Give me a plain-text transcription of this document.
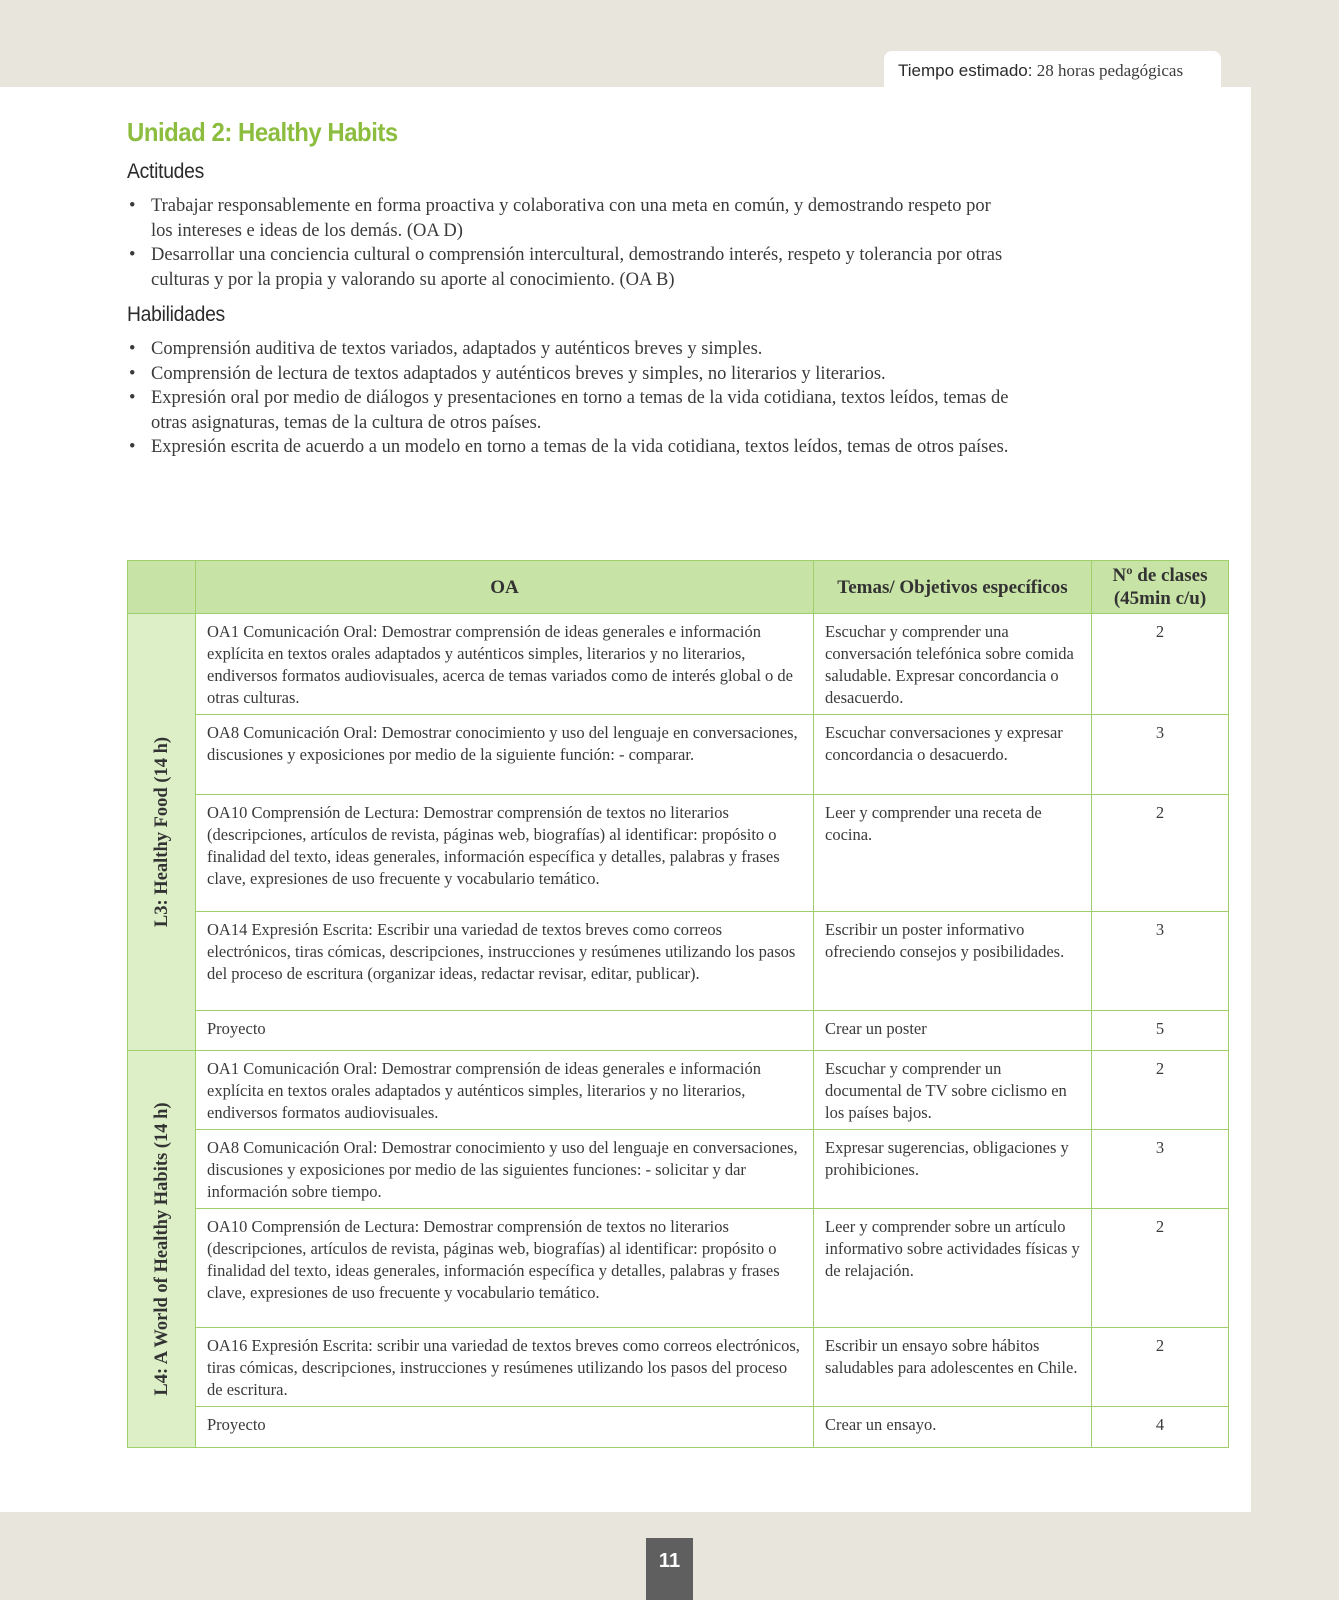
Tiempo estimado: 28 horas pedagógicas
Unidad 2: Healthy Habits
Actitudes
• Trabajar responsablemente en forma proactiva y colaborativa con una meta en común, y demostrando respeto por los intereses e ideas de los demás. (OA D)
• Desarrollar una conciencia cultural o comprensión intercultural, demostrando interés, respeto y tolerancia por otras culturas y por la propia y valorando su aporte al conocimiento. (OA B)
Habilidades
• Comprensión auditiva de textos variados, adaptados y auténticos breves y simples.
• Comprensión de lectura de textos adaptados y auténticos breves y simples, no literarios y literarios.
• Expresión oral por medio de diálogos y presentaciones en torno a temas de la vida cotidiana, textos leídos, temas de otras asignaturas, temas de la cultura de otros países.
• Expresión escrita de acuerdo a un modelo en torno a temas de la vida cotidiana, textos leídos, temas de otros países.
	OA	Temas/ Objetivos específicos	Nº de clases
(45min c/u)

L3: Healthy Food (14 h)	OA1 Comunicación Oral: Demostrar comprensión de ideas generales e información explícita en textos orales adaptados y auténticos simples, literarios y no literarios, endiversos formatos audiovisuales, acerca de temas variados como de interés global o de otras culturas.	Escuchar y comprender una conversación telefónica sobre comida saludable. Expresar concordancia o desacuerdo.	2
	OA8 Comunicación Oral: Demostrar conocimiento y uso del lenguaje en conversaciones, discusiones y exposiciones por medio de la siguiente función: - comparar.	Escuchar conversaciones y expresar concordancia o desacuerdo.	3
	OA10 Comprensión de Lectura: Demostrar comprensión de textos no literarios (descripciones, artículos de revista, páginas web, biografías) al identificar: propósito o finalidad del texto, ideas generales, información específica y detalles, palabras y frases clave, expresiones de uso frecuente y vocabulario temático.	Leer y comprender una receta de cocina.	2
	OA14 Expresión Escrita: Escribir una variedad de textos breves como correos electrónicos, tiras cómicas, descripciones, instrucciones y resúmenes utilizando los pasos del proceso de escritura (organizar ideas, redactar revisar, editar, publicar).	Escribir un poster informativo ofreciendo consejos y posibilidades.	3
	Proyecto	Crear un poster	5

L4: A World of Healthy Habits (14 h)	OA1 Comunicación Oral: Demostrar comprensión de ideas generales e información explícita en textos orales adaptados y auténticos simples, literarios y no literarios, endiversos formatos audiovisuales.	Escuchar y comprender un documental de TV sobre ciclismo en los países bajos.	2
	OA8 Comunicación Oral: Demostrar conocimiento y uso del lenguaje en conversaciones, discusiones y exposiciones por medio de las siguientes funciones: - solicitar y dar información sobre tiempo.	Expresar sugerencias, obligaciones y prohibiciones.	3
	OA10 Comprensión de Lectura: Demostrar comprensión de textos no literarios (descripciones, artículos de revista, páginas web, biografías) al identificar: propósito o finalidad del texto, ideas generales, información específica y detalles, palabras y frases clave, expresiones de uso frecuente y vocabulario temático.	Leer y comprender sobre un artículo informativo sobre actividades físicas y de relajación.	2
	OA16 Expresión Escrita: scribir una variedad de textos breves como correos electrónicos, tiras cómicas, descripciones, instrucciones y resúmenes utilizando los pasos del proceso de escritura.	Escribir un ensayo sobre hábitos saludables para adolescentes en Chile.	2
	Proyecto	Crear un ensayo.	4
11
